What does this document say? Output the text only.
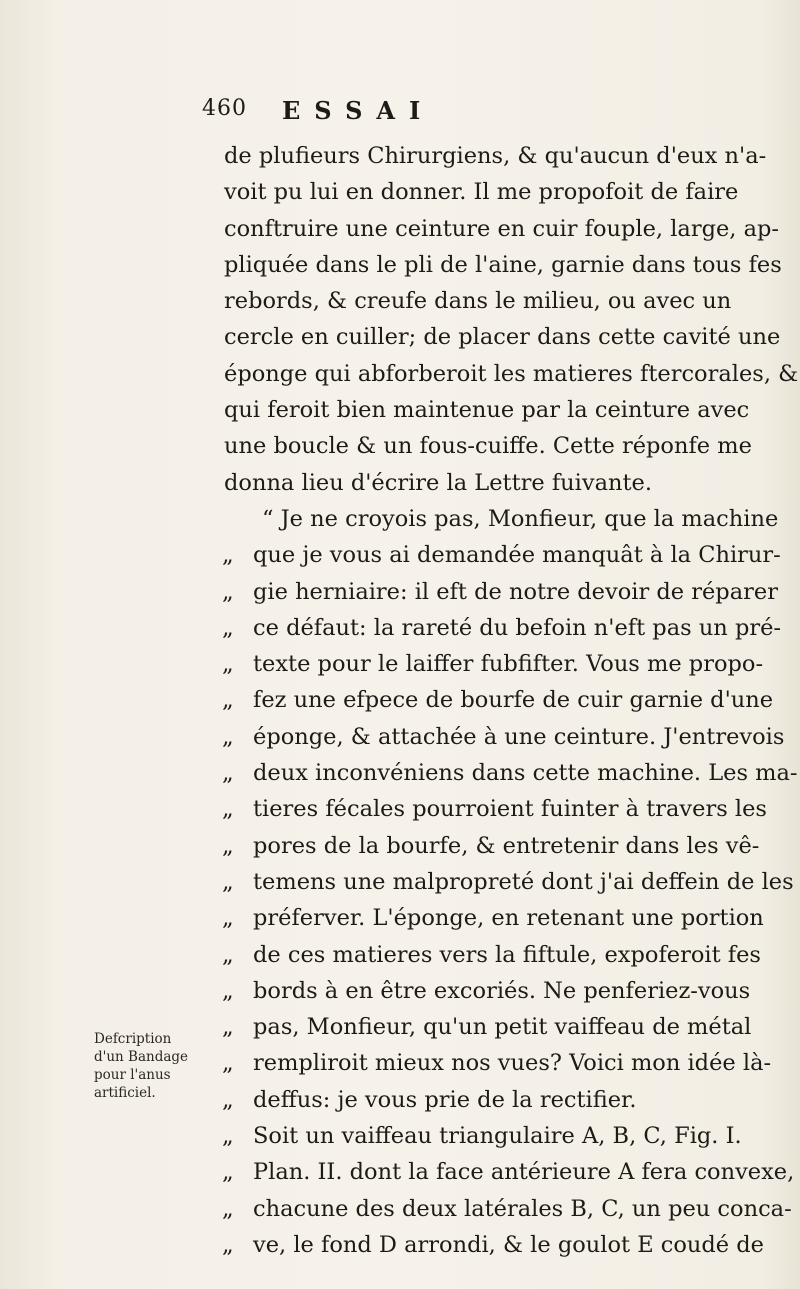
460 ESSAI
Defcription
d'un Bandage
pour l'anus
artificiel.
de plufieurs Chirurgiens, & qu'aucun d'eux n'a-
voit pu lui en donner. Il me propofoit de faire
conftruire une ceinture en cuir fouple, large, ap-
pliquée dans le pli de l'aine, garnie dans tous fes
rebords, & creufe dans le milieu, ou avec un
cercle en cuiller; de placer dans cette cavité une
éponge qui abforberoit les matieres ftercorales, &
qui feroit bien maintenue par la ceinture avec
une boucle & un fous-cuiffe. Cette réponfe me
donna lieu d'écrire la Lettre fuivante.
“ Je ne croyois pas, Monfieur, que la machine
„ que je vous ai demandée manquât à la Chirur-
„ gie herniaire: il eft de notre devoir de réparer
„ ce défaut: la rareté du befoin n'eft pas un pré-
„ texte pour le laiffer fubfifter. Vous me propo-
„ fez une efpece de bourfe de cuir garnie d'une
„ éponge, & attachée à une ceinture. J'entrevois
„ deux inconvéniens dans cette machine. Les ma-
„ tieres fécales pourroient fuinter à travers les
„ pores de la bourfe, & entretenir dans les vê-
„ temens une malpropreté dont j'ai deffein de les
„ préferver. L'éponge, en retenant une portion
„ de ces matieres vers la fiftule, expoferoit fes
„ bords à en être excoriés. Ne penferiez-vous
„ pas, Monfieur, qu'un petit vaiffeau de métal
„ rempliroit mieux nos vues? Voici mon idée là-
„ deffus: je vous prie de la rectifier.
„ Soit un vaiffeau triangulaire A, B, C, Fig. I.
„ Plan. II. dont la face antérieure A fera convexe,
„ chacune des deux latérales B, C, un peu conca-
„ ve, le fond D arrondi, & le goulot E coudé de
